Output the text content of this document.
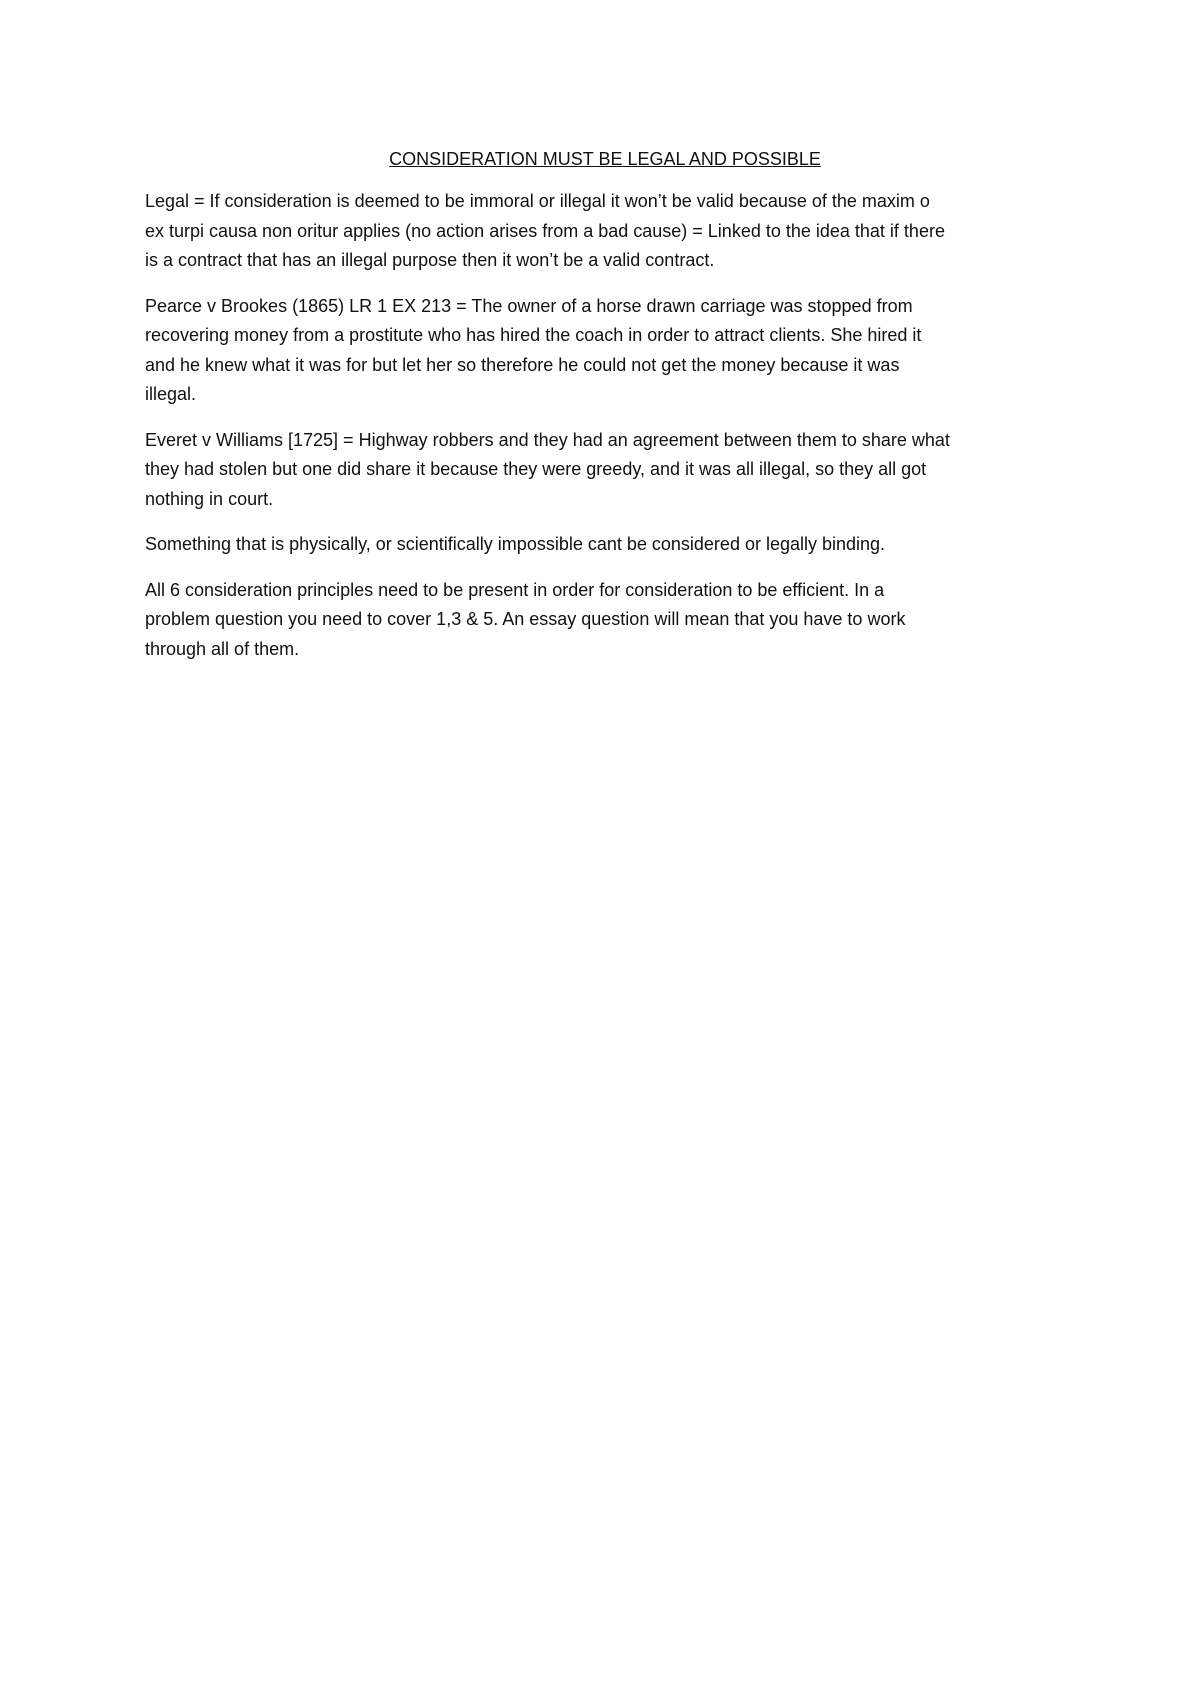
CONSIDERATION MUST BE LEGAL AND POSSIBLE
Legal = If consideration is deemed to be immoral or illegal it won’t be valid because of the maxim o
ex turpi causa non oritur applies (no action arises from a bad cause) = Linked to the idea that if there
is a contract that has an illegal purpose then it won’t be a valid contract.
Pearce v Brookes (1865) LR 1 EX 213 = The owner of a horse drawn carriage was stopped from
recovering money from a prostitute who has hired the coach in order to attract clients. She hired it
and he knew what it was for but let her so therefore he could not get the money because it was
illegal.
Everet v Williams [1725] = Highway robbers and they had an agreement between them to share what
they had stolen but one did share it because they were greedy, and it was all illegal, so they all got
nothing in court.
Something that is physically, or scientifically impossible cant be considered or legally binding.
All 6 consideration principles need to be present in order for consideration to be efficient. In a
problem question you need to cover 1,3 & 5. An essay question will mean that you have to work
through all of them.
